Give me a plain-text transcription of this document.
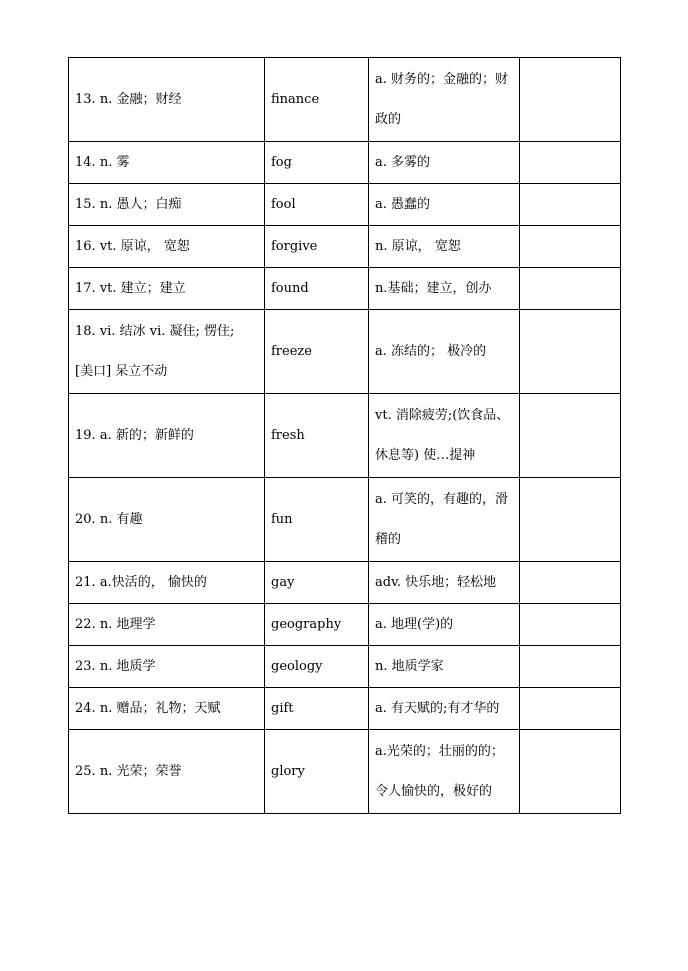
13. n. 金融；财经	finance	a. 财务的；金融的；财
政的	
14. n. 雾	fog	a. 多雾的	
15. n. 愚人；白痴	fool	a. 愚蠢的	
16. vt. 原谅， 宽恕	forgive	n. 原谅， 宽恕	
17. vt. 建立；建立	found	n.基础；建立，创办	
18. vi. 结冰 vi. 凝住; 愣住;
[美口] 呆立不动	freeze	a. 冻结的； 极冷的	
19. a. 新的；新鲜的	fresh	vt. 消除疲劳;(饮食品、
休息等) 使…提神	
20. n. 有趣	fun	a. 可笑的，有趣的，滑
稽的	
21. a.快活的， 愉快的	gay	adv. 快乐地；轻松地	
22. n. 地理学	geography	a. 地理(学)的	
23. n. 地质学	geology	n. 地质学家	
24. n. 赠品；礼物；天赋	gift	a. 有天赋的;有才华的	
25. n. 光荣；荣誉	glory	a.光荣的；壮丽的的；
令人愉快的，极好的	
